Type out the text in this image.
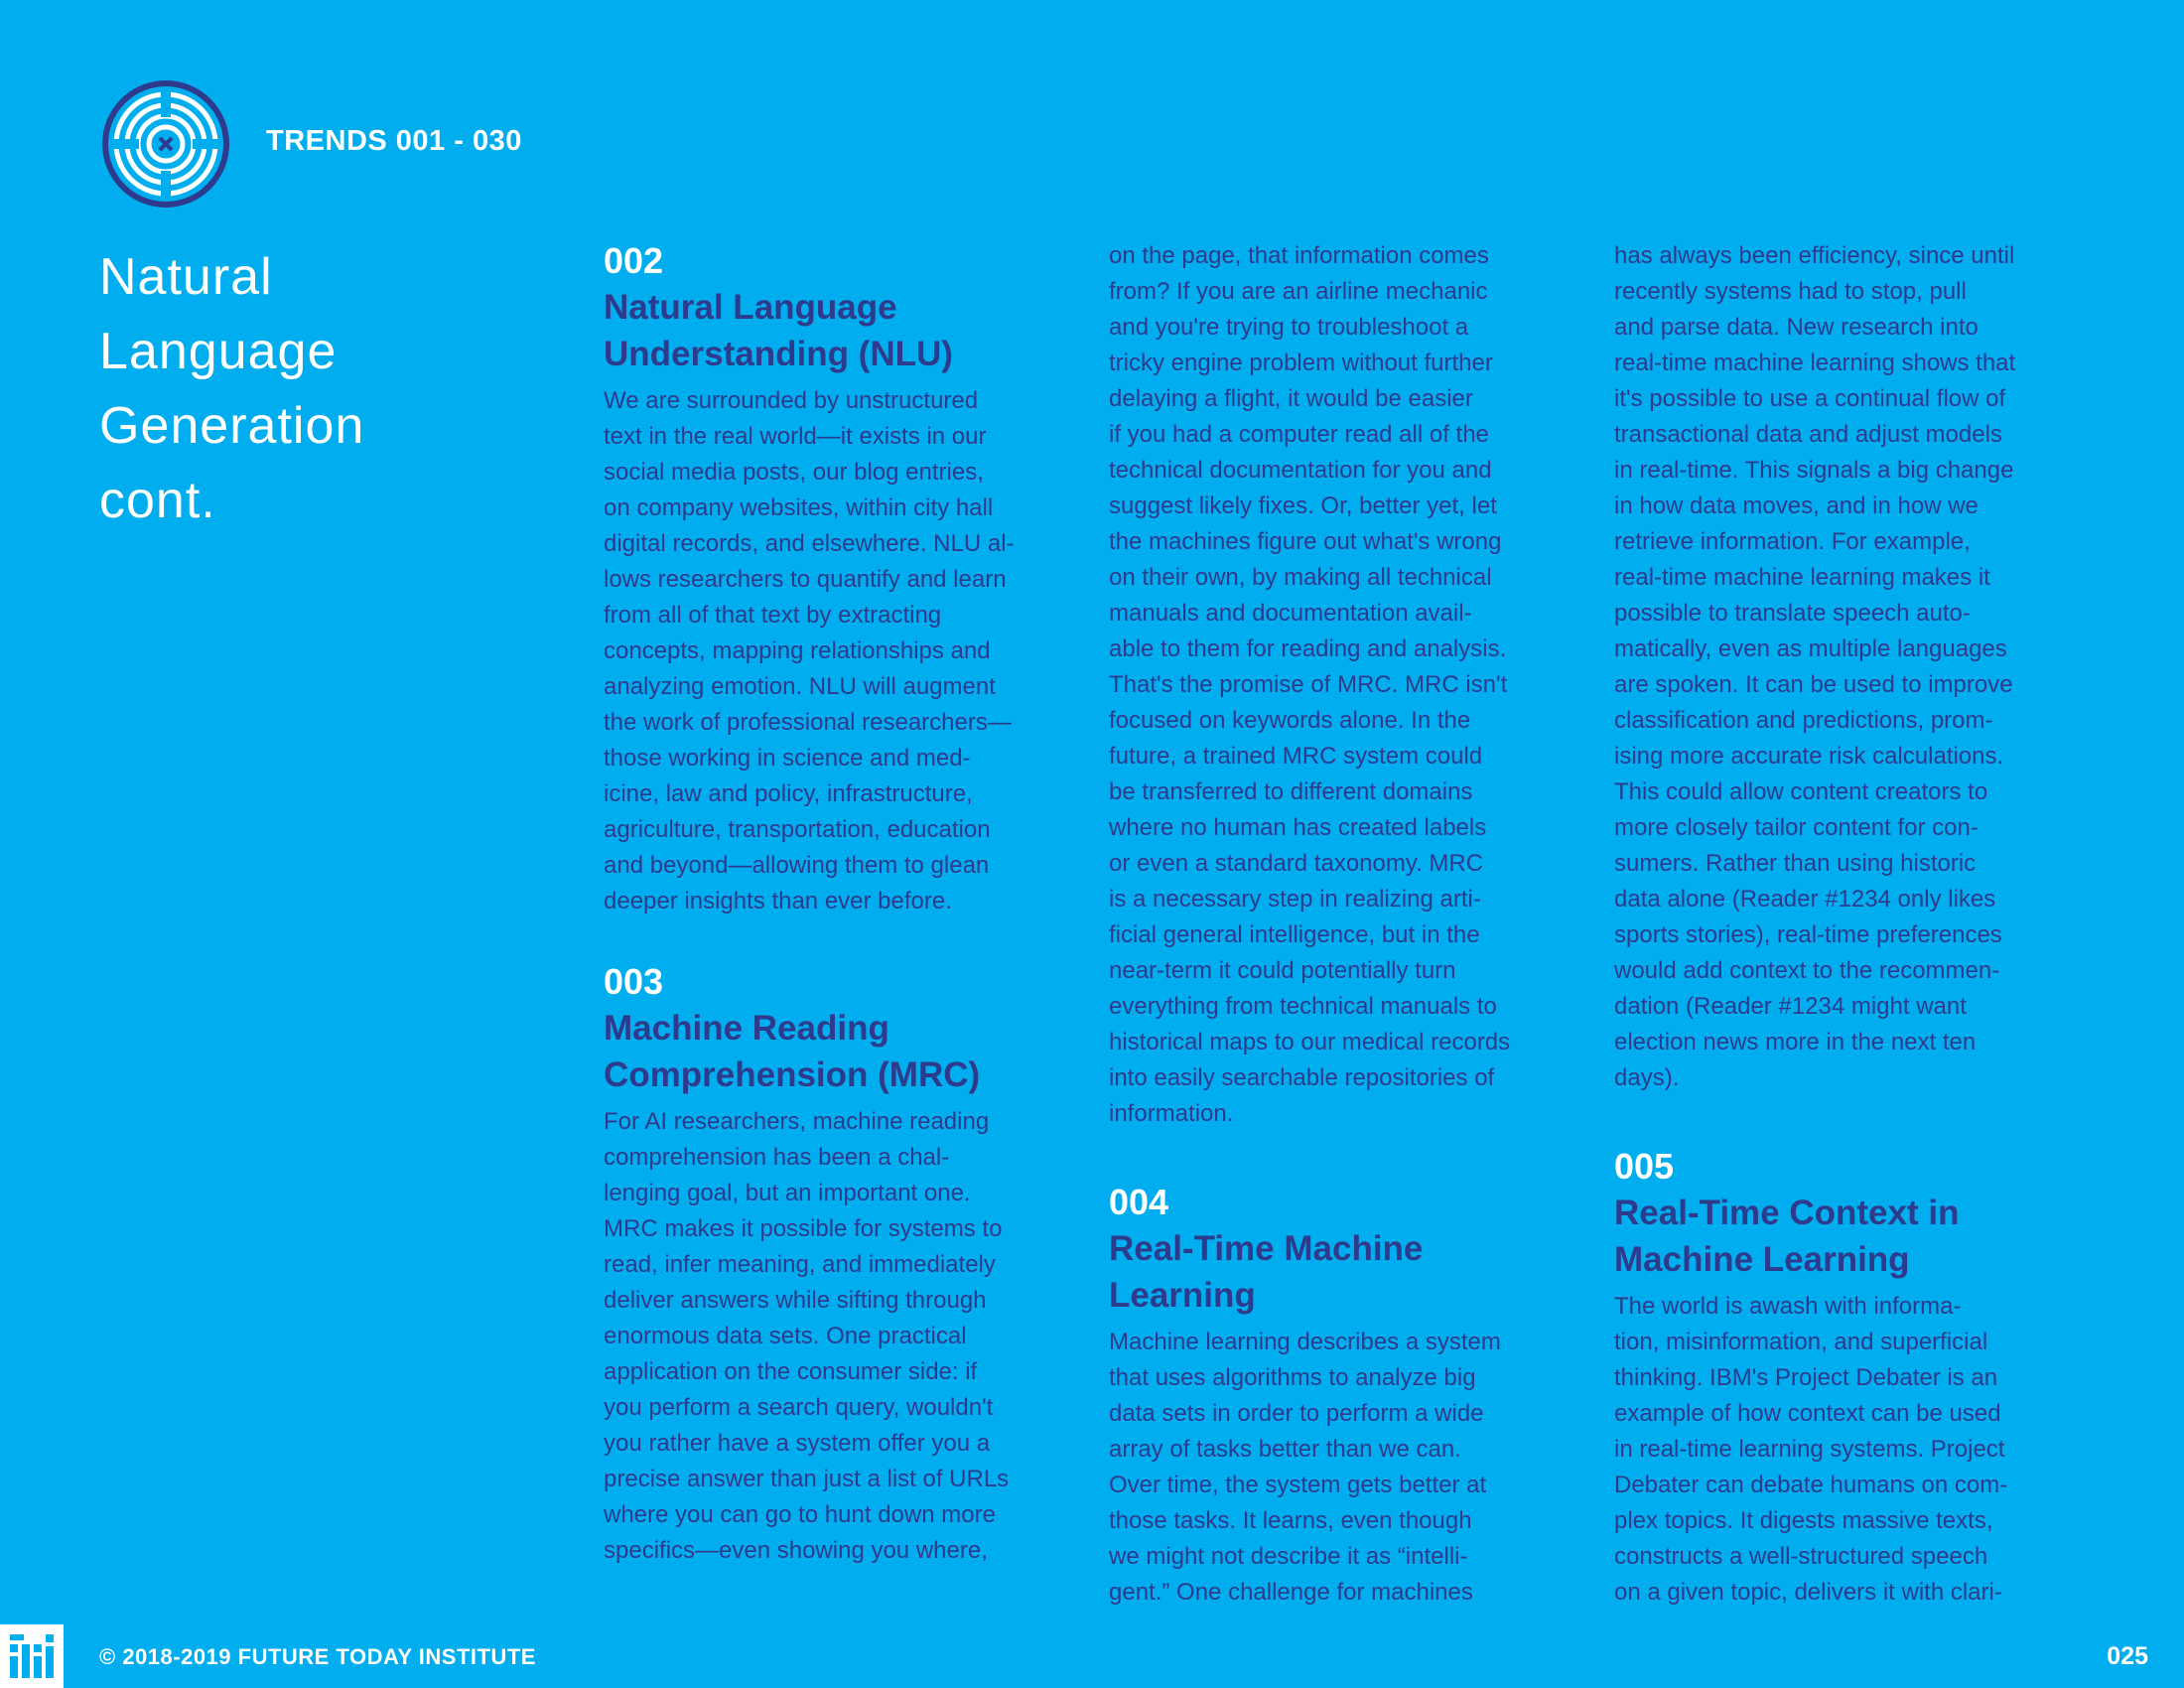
TRENDS 001 - 030
Natural
Language
Generation
cont.
002
Natural Language
Understanding (NLU)

We are surrounded by unstructured
text in the real world—it exists in our
social media posts, our blog entries,
on company websites, within city hall
digital records, and elsewhere. NLU al-
lows researchers to quantify and learn
from all of that text by extracting
concepts, mapping relationships and
analyzing emotion. NLU will augment
the work of professional researchers—
those working in science and med-
icine, law and policy, infrastructure,
agriculture, transportation, education
and beyond—allowing them to glean
deeper insights than ever before.

003
Machine Reading
Comprehension (MRC)

For AI researchers, machine reading
comprehension has been a chal-
lenging goal, but an important one.
MRC makes it possible for systems to
read, infer meaning, and immediately
deliver answers while sifting through
enormous data sets. One practical
application on the consumer side: if
you perform a search query, wouldn't
you rather have a system offer you a
precise answer than just a list of URLs
where you can go to hunt down more
specifics—even showing you where,

on the page, that information comes
from? If you are an airline mechanic
and you're trying to troubleshoot a
tricky engine problem without further
delaying a flight, it would be easier
if you had a computer read all of the
technical documentation for you and
suggest likely fixes. Or, better yet, let
the machines figure out what's wrong
on their own, by making all technical
manuals and documentation avail-
able to them for reading and analysis.
That's the promise of MRC. MRC isn't
focused on keywords alone. In the
future, a trained MRC system could
be transferred to different domains
where no human has created labels
or even a standard taxonomy. MRC
is a necessary step in realizing arti-
ficial general intelligence, but in the
near-term it could potentially turn
everything from technical manuals to
historical maps to our medical records
into easily searchable repositories of
information.

004
Real-Time Machine
Learning

Machine learning describes a system
that uses algorithms to analyze big
data sets in order to perform a wide
array of tasks better than we can.
Over time, the system gets better at
those tasks. It learns, even though
we might not describe it as “intelli-
gent.” One challenge for machines

has always been efficiency, since until
recently systems had to stop, pull
and parse data. New research into
real-time machine learning shows that
it's possible to use a continual flow of
transactional data and adjust models
in real-time. This signals a big change
in how data moves, and in how we
retrieve information. For example,
real-time machine learning makes it
possible to translate speech auto-
matically, even as multiple languages
are spoken. It can be used to improve
classification and predictions, prom-
ising more accurate risk calculations.
This could allow content creators to
more closely tailor content for con-
sumers. Rather than using historic
data alone (Reader #1234 only likes
sports stories), real-time preferences
would add context to the recommen-
dation (Reader #1234 might want
election news more in the next ten
days).

005
Real-Time Context in
Machine Learning

The world is awash with informa-
tion, misinformation, and superficial
thinking. IBM's Project Debater is an
example of how context can be used
in real-time learning systems. Project
Debater can debate humans on com-
plex topics. It digests massive texts,
constructs a well-structured speech
on a given topic, delivers it with clari-

© 2018-2019 FUTURE TODAY INSTITUTE	025
